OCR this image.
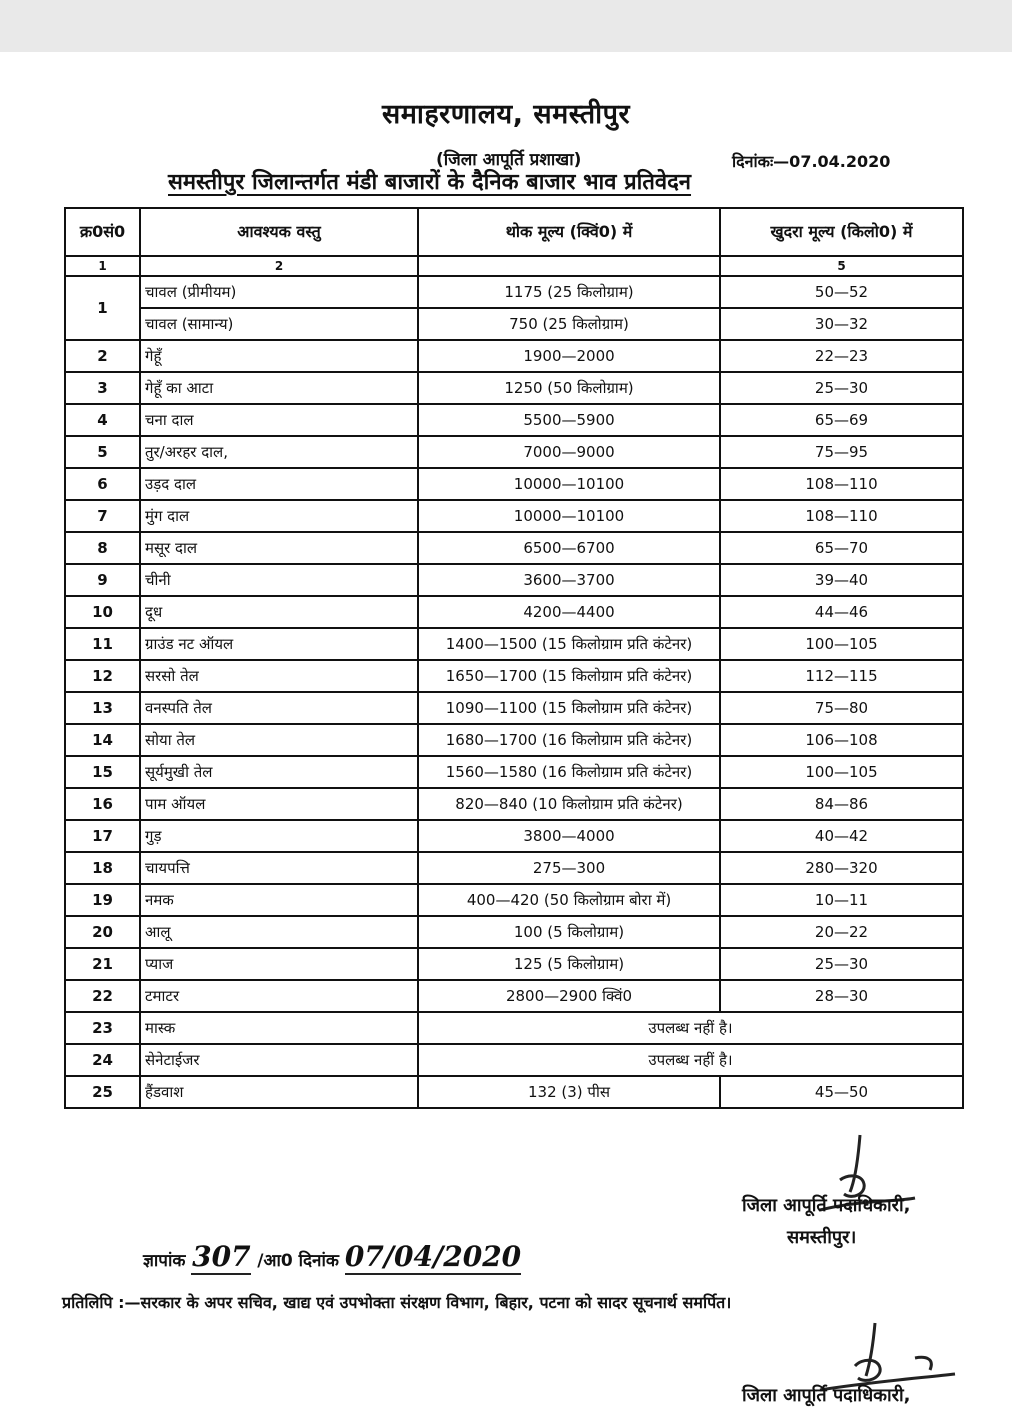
समाहरणालय, समस्तीपुर
(जिला आपूर्ति प्रशाखा)	दिनांकः—07.04.2020
समस्तीपुर जिलान्तर्गत मंडी बाजारों के दैनिक बाजार भाव प्रतिवेदन
क्र0सं0	आवश्यक वस्तु	थोक मूल्य (क्विं0) में	खुदरा मूल्य (किलो0) में
1	2		5
1	चावल (प्रीमीयम)	1175 (25 किलोग्राम)	50—52
	चावल (सामान्य)	750 (25 किलोग्राम)	30—32
2	गेहूँ	1900—2000	22—23
3	गेहूँ का आटा	1250 (50 किलोग्राम)	25—30
4	चना दाल	5500—5900	65—69
5	तुर/अरहर दाल,	7000—9000	75—95
6	उड़द दाल	10000—10100	108—110
7	मुंग दाल	10000—10100	108—110
8	मसूर दाल	6500—6700	65—70
9	चीनी	3600—3700	39—40
10	दूध	4200—4400	44—46
11	ग्राउंड नट ऑयल	1400—1500 (15 किलोग्राम प्रति कंटेनर)	100—105
12	सरसो तेल	1650—1700 (15 किलोग्राम प्रति कंटेनर)	112—115
13	वनस्पति तेल	1090—1100 (15 किलोग्राम प्रति कंटेनर)	75—80
14	सोया तेल	1680—1700 (16 किलोग्राम प्रति कंटेनर)	106—108
15	सूर्यमुखी तेल	1560—1580 (16 किलोग्राम प्रति कंटेनर)	100—105
16	पाम ऑयल	820—840 (10 किलोग्राम प्रति कंटेनर)	84—86
17	गुड़	3800—4000	40—42
18	चायपत्ति	275—300	280—320
19	नमक	400—420 (50 किलोग्राम बोरा में)	10—11
20	आलू	100 (5 किलोग्राम)	20—22
21	प्याज	125 (5 किलोग्राम)	25—30
22	टमाटर	2800—2900 क्विं0	28—30
23	मास्क	उपलब्ध नहीं है।	
24	सेनेटाईजर	उपलब्ध नहीं है।	
25	हैंडवाश	132 (3) पीस	45—50
जिला आपूर्ति पदाधिकारी,
समस्तीपुर।
ज्ञापांक 307 /आ0 दिनांक 07/04/2020
प्रतिलिपि :—सरकार के अपर सचिव, खाद्य एवं उपभोक्ता संरक्षण विभाग, बिहार, पटना को सादर सूचनार्थ समर्पित।
जिला आपूर्ति पदाधिकारी,
